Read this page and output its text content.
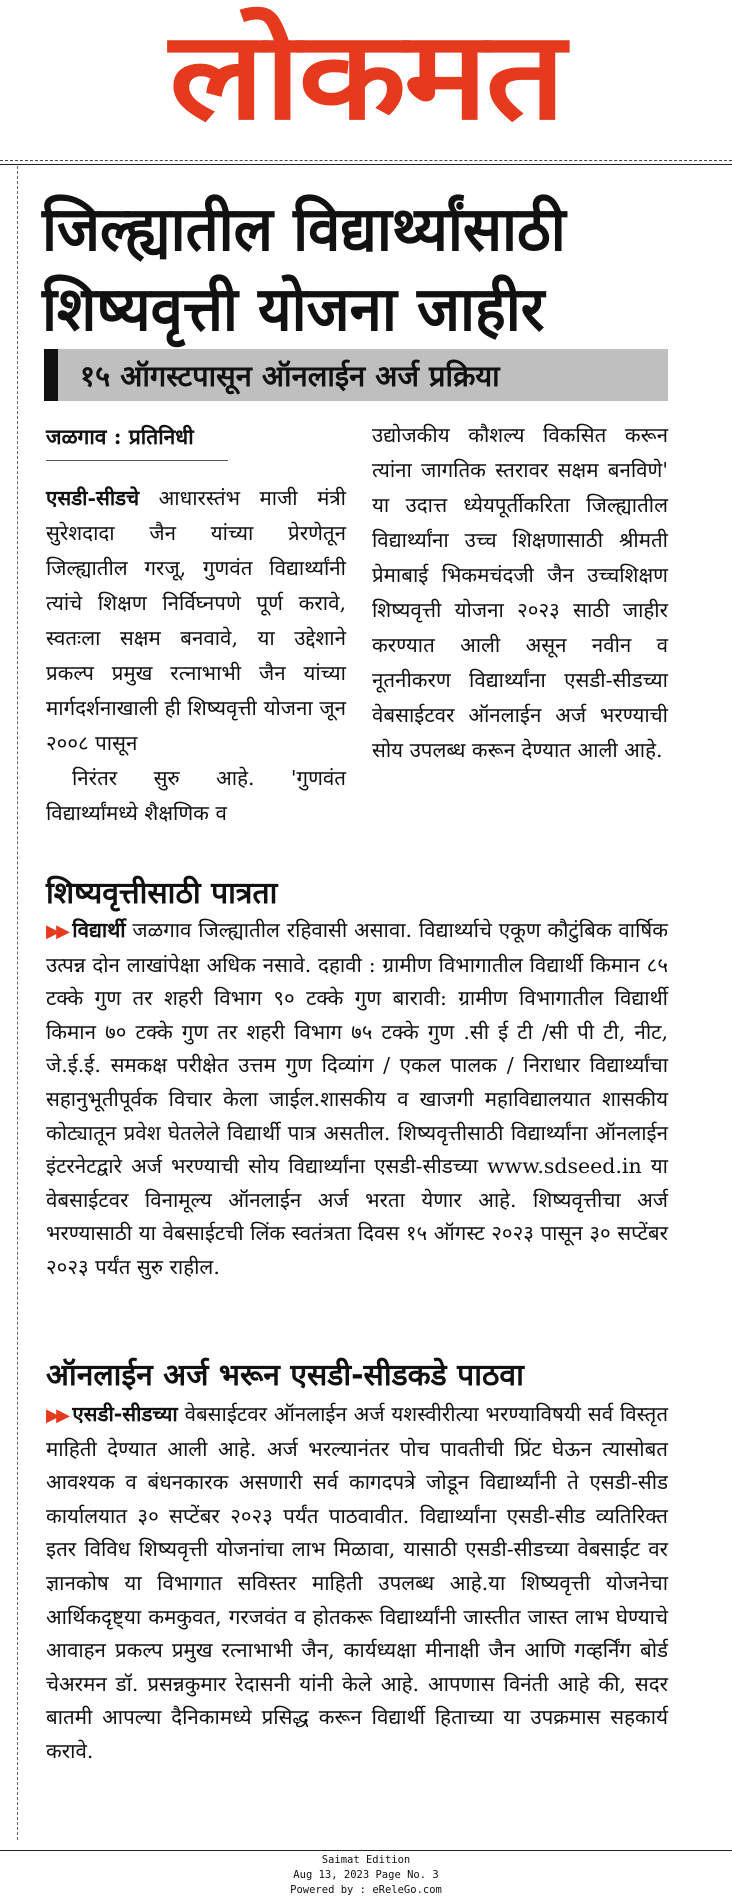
लोकमत
जिल्ह्यातील विद्यार्थ्यांसाठी
शिष्यवृत्ती योजना जाहीर
१५ ऑगस्टपासून ऑनलाईन अर्ज प्रक्रिया
जळगाव : प्रतिनिधी
एसडी-सीडचे आधारस्तंभ माजी मंत्री सुरेशदादा जैन यांच्या प्रेरणेतून जिल्ह्यातील गरजू, गुणवंत विद्यार्थ्यांनी त्यांचे शिक्षण निर्विघ्नपणे पूर्ण करावे, स्वतःला सक्षम बनवावे, या उद्देशाने प्रकल्प प्रमुख रत्नाभाभी जैन यांच्या मार्गदर्शनाखाली ही शिष्यवृत्ती योजना जून २००८ पासून
निरंतर सुरु आहे. 'गुणवंत विद्यार्थ्यांमध्ये शैक्षणिक व
उद्योजकीय कौशल्य विकसित करून त्यांना जागतिक स्तरावर सक्षम बनविणे' या उदात्त ध्येयपूर्तीकरिता जिल्ह्यातील विद्यार्थ्यांना उच्च शिक्षणासाठी श्रीमती प्रेमाबाई भिकमचंदजी जैन उच्चशिक्षण शिष्यवृत्ती योजना २०२३ साठी जाहीर करण्यात आली असून नवीन व नूतनीकरण विद्यार्थ्यांना एसडी-सीडच्या वेबसाईटवर ऑनलाईन अर्ज भरण्याची सोय उपलब्ध करून देण्यात आली आहे.
शिष्यवृत्तीसाठी पात्रता
▶▶ विद्यार्थी जळगाव जिल्ह्यातील रहिवासी असावा. विद्यार्थ्याचे एकूण कौटुंबिक वार्षिक उत्पन्न दोन लाखांपेक्षा अधिक नसावे. दहावी : ग्रामीण विभागातील विद्यार्थी किमान ८५ टक्के गुण तर शहरी विभाग ९० टक्के गुण बारावी: ग्रामीण विभागातील विद्यार्थी किमान ७० टक्के गुण तर शहरी विभाग ७५ टक्के गुण .सी ई टी /सी पी टी, नीट, जे.ई.ई. समकक्ष परीक्षेत उत्तम गुण दिव्यांग / एकल पालक / निराधार विद्यार्थ्यांचा सहानुभूतीपूर्वक विचार केला जाईल.शासकीय व खाजगी महाविद्यालयात शासकीय कोट्यातून प्रवेश घेतलेले विद्यार्थी पात्र असतील. शिष्यवृत्तीसाठी विद्यार्थ्यांना ऑनलाईन इंटरनेटद्वारे अर्ज भरण्याची सोय विद्यार्थ्यांना एसडी-सीडच्या www.sdseed.in या वेबसाईटवर विनामूल्य ऑनलाईन अर्ज भरता येणार आहे. शिष्यवृत्तीचा अर्ज भरण्यासाठी या वेबसाईटची लिंक स्वतंत्रता दिवस १५ ऑगस्ट २०२३ पासून ३० सप्टेंबर २०२३ पर्यंत सुरु राहील.
ऑनलाईन अर्ज भरून एसडी-सीडकडे पाठवा
▶▶ एसडी-सीडच्या वेबसाईटवर ऑनलाईन अर्ज यशस्वीरीत्या भरण्याविषयी सर्व विस्तृत माहिती देण्यात आली आहे. अर्ज भरल्यानंतर पोच पावतीची प्रिंट घेऊन त्यासोबत आवश्यक व बंधनकारक असणारी सर्व कागदपत्रे जोडून विद्यार्थ्यांनी ते एसडी-सीड कार्यालयात ३० सप्टेंबर २०२३ पर्यंत पाठवावीत. विद्यार्थ्यांना एसडी-सीड व्यतिरिक्त इतर विविध शिष्यवृत्ती योजनांचा लाभ मिळावा, यासाठी एसडी-सीडच्या वेबसाईट वर ज्ञानकोष या विभागात सविस्तर माहिती उपलब्ध आहे.या शिष्यवृत्ती योजनेचा आर्थिकदृष्ट्या कमकुवत, गरजवंत व होतकरू विद्यार्थ्यांनी जास्तीत जास्त लाभ घेण्याचे आवाहन प्रकल्प प्रमुख रत्नाभाभी जैन, कार्यध्यक्षा मीनाक्षी जैन आणि गव्हर्निंग बोर्ड चेअरमन डॉ. प्रसन्नकुमार रेदासनी यांनी केले आहे. आपणास विनंती आहे की, सदर बातमी आपल्या दैनिकामध्ये प्रसिद्ध करून विद्यार्थी हिताच्या या उपक्रमास सहकार्य करावे.
Saimat Edition
Aug 13, 2023 Page No. 3
Powered by : eReleGo.com
